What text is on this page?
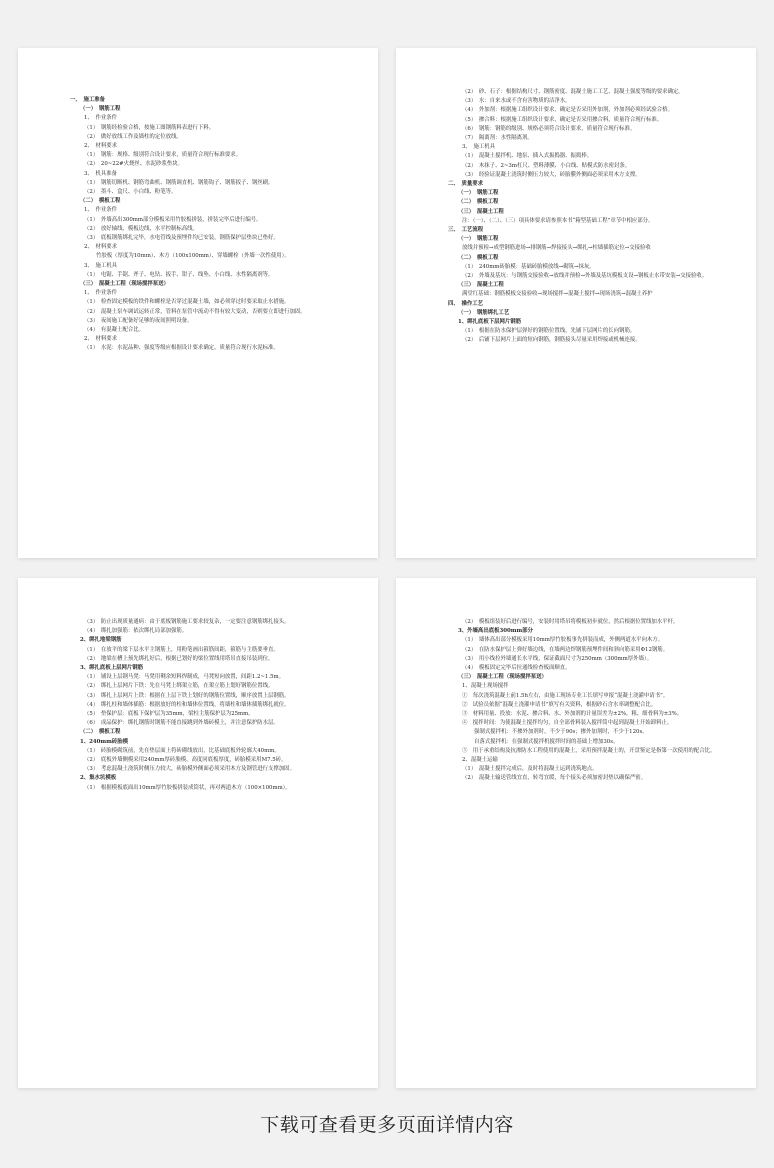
一、　施工准备
（一）　钢筋工程
1、　作业条件
（1）　钢筋经检验合格，按施工图钢筋料表进行下料。
（2）　做好放线工作及墙柱的定位放线。
2、　材料要求
（1）　钢筋：规格、级别符合设计要求，质量符合现行标准要求。
（2）　20~22#火烧丝、水泥砂浆垫块。
3、　机具准备
（1）　钢筋切断机、钢筋弯曲机、钢筋调直机、钢筋钩子、钢筋扳子、钢丝刷。
（2）　墨斗、盒尺、小白线、粉笔等。
（二）　模板工程
1、　作业条件
（1）　外墙高出300mm部分模板采用竹胶板拼装，拼装完毕后进行编号。
（2）　放好轴线、模板边线、水平控制标高线。
（3）　底板钢筋绑扎完毕，水电管线及预埋件均已安装，钢筋保护层垫块已垫好。
2、　材料要求
竹胶板（厚度为10mm）、木方（100x100mm）、穿墙螺栓（外墙一次性使用）。
3、　施工机具
（1）　电锯、手锯、斧子、电钻、扳手、钳子、线坠、小白线、水性隔离剂等。
（三）　混凝土工程（现场搅拌泵送）
1、　作业条件
（1）　检查固定模板的铁件和螺栓是否穿过混凝土墙，如必须穿过时要采取止水措施。
（2）　混凝土泵车调试运转正常，管料在泵管中流动不得有较大变动，否则要立即进行加固。
（3）　夜间施工配备好足够的夜间照明设备。
（4）　有混凝土配合比。
2、　材料要求
（1）　水泥：水泥品种、强度等级应根据设计要求确定，质量符合现行水泥标准。
（2）　砂、石子：根据结构尺寸、钢筋密度、混凝土施工工艺、混凝土强度等级的要求确定。
（3）　水：自来水或不含有害物质的洁净水。
（4）　外加剂：根据施工组织设计要求，确定是否采用外加剂，外加剂必须经试验合格。
（5）　掺合料：根据施工组织设计要求，确定是否采用掺合料，质量符合现行标准。
（6）　钢筋：钢筋的级别、规格必须符合设计要求，质量符合现行标准。
（7）　隔离剂：水性隔离剂。
3、　施工机具
（1）　混凝土搅拌机、地泵、插入式振捣器、振捣棒。
（2）　木抹子、2~3m杠尺、塑料薄膜、小白线、贴模式防水密封条。
（3）　经验证混凝土浇筑时侧压力较大，砖胎膜外侧面必须采用木方支撑。
二、　质量要求
（一）　钢筋工程
（二）　模板工程
（三）　混凝土工程
注：（一）、（二）、（三）项具体要求请参照本书“箱型基础工程”章节中相应部分。
三、　工艺流程
（一）　钢筋工程
放线并预检→成型钢筋进场→排钢筋→焊接接头→绑扎→柱墙插筋定位→交接验收
（二）　模板工程
（1）　240mm砖胎模：基础砖胎模放线→砌筑→抹灰。
（2）　外墙及基坑：与钢筋交接验收→放线并预检→外墙及基坑模板支设→钢板止水带安装→交接验收。
（三）　混凝土工程
满堂红基础：钢筋模板交接验收→现场搅拌→混凝土搅拌→现场浇筑→混凝土养护
四、　操作工艺
（一）　钢筋绑扎工艺
1、绑扎底板下层网片钢筋
（1）　根据在防水保护层弹好的钢筋位置线，先铺下层网片的长向钢筋。
（2）　后铺下层网片上面的短向钢筋，钢筋接头尽量采用焊接或机械连接。
（3）　防止出现质量通病：由于底板钢筋施工要求较复杂，一定要注意钢筋绑扎接头。
（4）　绑扎加强筋：依次绑扎局部加强筋。
2、绑扎地梁钢筋
（1）　在放平的梁下层水平主钢筋上，用粉笔画出箍筋间距，箍筋与主筋要垂直。
（2）　地梁在槽上预先绑扎好后，根据已划好的梁位置线用塔吊直接吊装到位。
3、绑扎底板上层网片钢筋
（1）　铺设上层钢马凳：马凳用剩余短料焊制成，马凳短向放置，间距1.2~1.5m。
（2）　绑扎上层网片下铁：先在马凳上绑架立筋，在架立筋上划好钢筋位置线。
（3）　绑扎上层网片上铁：根据在上层下铁上划好的钢筋位置线，顺序放置上层钢筋。
（4）　绑扎柱和墙体插筋：根据放好的柱和墙体位置线，将墙柱和墙体插筋绑扎就位。
（5）　垫保护层：底板下保护层为35mm，梁柱主筋保护层为25mm。
（6）　成品保护：绑扎钢筋时钢筋不能直接跳到外墙砖模上，并注意保护防水层。
（二）　模板工程
1、240mm砖胎模
（1）　砖胎模砌筑前，先在垫层面上将砖砌线放出，比基础底板外轮廓大40mm。
（2）　底板外墙侧模采用240mm厚砖胎模，高度同底板厚度，砖胎模采用M7.5砖。
（3）　考虑混凝土浇筑时侧压力较大，砖胎模外侧面必须采用木方及钢管进行支撑加固。
2、集水坑模板
（1）　根据模板底面出10mm厚竹胶板拼装成筒状，再对两道木方（100×100mm）。
（2）　模板组装好后进行编号，安装时用塔吊将模板初步就位，然后根据位置线加水平杆。
3、外墙高出底板300mm部分
（1）　墙体高出部分模板采用10mm厚竹胶板事先拼装而成，外侧两道水平向木方。
（2）　在防水保护层上弹好墙边线，在墙两边焊钢筋预埋件间和斜向筋采用Φ12钢筋。
（3）　用小线拉外墙通长水平线，保证截面尺寸为250mm（300mm厚外墙）。
（4）　模板固定完毕后拉通线检查板面顺直。
（三）　混凝土工程（现场搅拌泵送）
1、混凝土现场搅拌
①　每次浇筑混凝土前1.5h左右，由施工现场专业工长填写申报“混凝土浇灌申请书”。
②　试验员依据“混凝土浇灌申请书”填写有关资料，根据砂石含水率调整配合比。
③　材料用量、投放：水泥、掺合料、水、外加剂的计量误差为±2%，粗、细骨料为±3%。
④　搅拌时间：为使混凝土搅拌均匀，自全部骨料装入搅拌筒中起到混凝土开始卸料止。
强制式搅拌机：不掺外加剂时，不少于90s；掺外加剂时，不少于120s。
自落式搅拌机：在强制式搅拌机搅拌时间的基础上增加30s。
⑤　用于承重结构及抗渗防水工程使用的混凝土，采用预拌混凝土的，开盘鉴定是指第一次使用的配合比。
2、混凝土运输
（1）　混凝土搅拌完成后，及时将混凝土运到浇筑地点。
（2）　混凝土输送管线宜直，转弯宜缓，每个接头必须加密封垫以确保严密。
下载可查看更多页面详情内容
